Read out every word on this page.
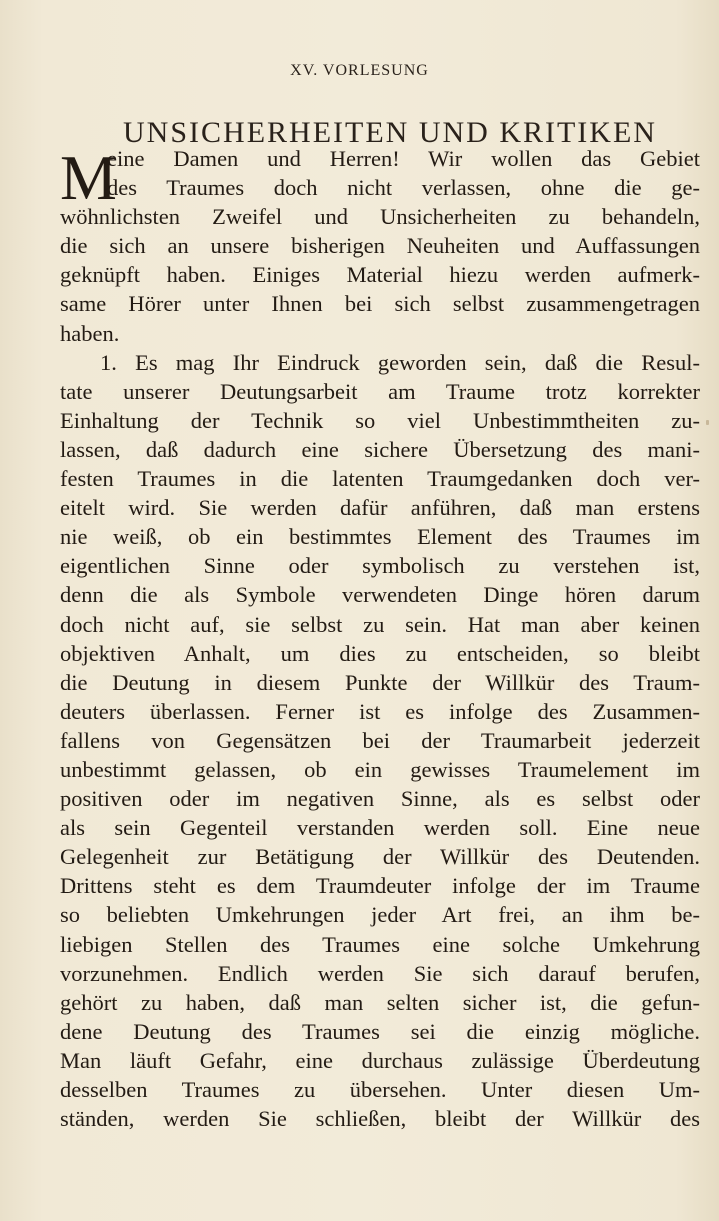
XV. VORLESUNG
UNSICHERHEITEN UND KRITIKEN
M
eine Damen und Herren! Wir wollen das Gebiet
des Traumes doch nicht verlassen, ohne die ge-
wöhnlichsten Zweifel und Unsicherheiten zu behandeln,
die sich an unsere bisherigen Neuheiten und Auffassungen
geknüpft haben. Einiges Material hiezu werden aufmerk-
same Hörer unter Ihnen bei sich selbst zusammengetragen
haben.
1. Es mag Ihr Eindruck geworden sein, daß die Resul-
tate unserer Deutungsarbeit am Traume trotz korrekter
Einhaltung der Technik so viel Unbestimmtheiten zu-
lassen, daß dadurch eine sichere Übersetzung des mani-
festen Traumes in die latenten Traumgedanken doch ver-
eitelt wird. Sie werden dafür anführen, daß man erstens
nie weiß, ob ein bestimmtes Element des Traumes im
eigentlichen Sinne oder symbolisch zu verstehen ist,
denn die als Symbole verwendeten Dinge hören darum
doch nicht auf, sie selbst zu sein. Hat man aber keinen
objektiven Anhalt, um dies zu entscheiden, so bleibt
die Deutung in diesem Punkte der Willkür des Traum-
deuters überlassen. Ferner ist es infolge des Zusammen-
fallens von Gegensätzen bei der Traumarbeit jederzeit
unbestimmt gelassen, ob ein gewisses Traumelement im
positiven oder im negativen Sinne, als es selbst oder
als sein Gegenteil verstanden werden soll. Eine neue
Gelegenheit zur Betätigung der Willkür des Deutenden.
Drittens steht es dem Traumdeuter infolge der im Traume
so beliebten Umkehrungen jeder Art frei, an ihm be-
liebigen Stellen des Traumes eine solche Umkehrung
vorzunehmen. Endlich werden Sie sich darauf berufen,
gehört zu haben, daß man selten sicher ist, die gefun-
dene Deutung des Traumes sei die einzig mögliche.
Man läuft Gefahr, eine durchaus zulässige Überdeutung
desselben Traumes zu übersehen. Unter diesen Um-
ständen, werden Sie schließen, bleibt der Willkür des
